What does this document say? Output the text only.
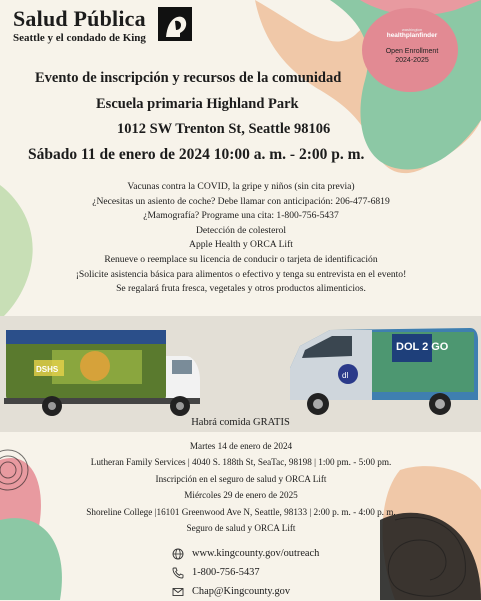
Salud Pública
Seattle y el condado de King
washington
healthplanfinder
Open Enrollment
2024-2025
Evento de inscripción y recursos de la comunidad
Escuela primaria Highland Park
1012 SW Trenton St, Seattle 98106
Sábado 11 de enero de 2024 10:00 a. m. - 2:00 p. m.
Vacunas contra la COVID, la gripe y niños (sin cita previa)
¿Necesitas un asiento de coche? Debe llamar con anticipación: 206-477-6819
¿Mamografía? Programe una cita: 1-800-756-5437
Detección de colesterol
Apple Health y ORCA Lift
Renueve o reemplace su licencia de conducir o tarjeta de identificación
¡Solicite asistencia básica para alimentos o efectivo y tenga su entrevista en el evento!
Se regalará fruta fresca, vegetales y otros productos alimenticios.
DSHS
dl
DOL 2 GO
Habrá comida GRATIS
Martes 14 de enero de 2024
Lutheran Family Services | 4040 S. 188th St, SeaTac, 98198 | 1:00 pm. - 5:00 pm.
Inscripción en el seguro de salud y ORCA Lift
Miércoles 29 de enero de 2025
Shoreline College |16101 Greenwood Ave N, Seattle, 98133 | 2:00 p. m. - 4:00 p. m.
Seguro de salud y ORCA Lift
www.kingcounty.gov/outreach
1-800-756-5437
Chap@Kingcounty.gov
